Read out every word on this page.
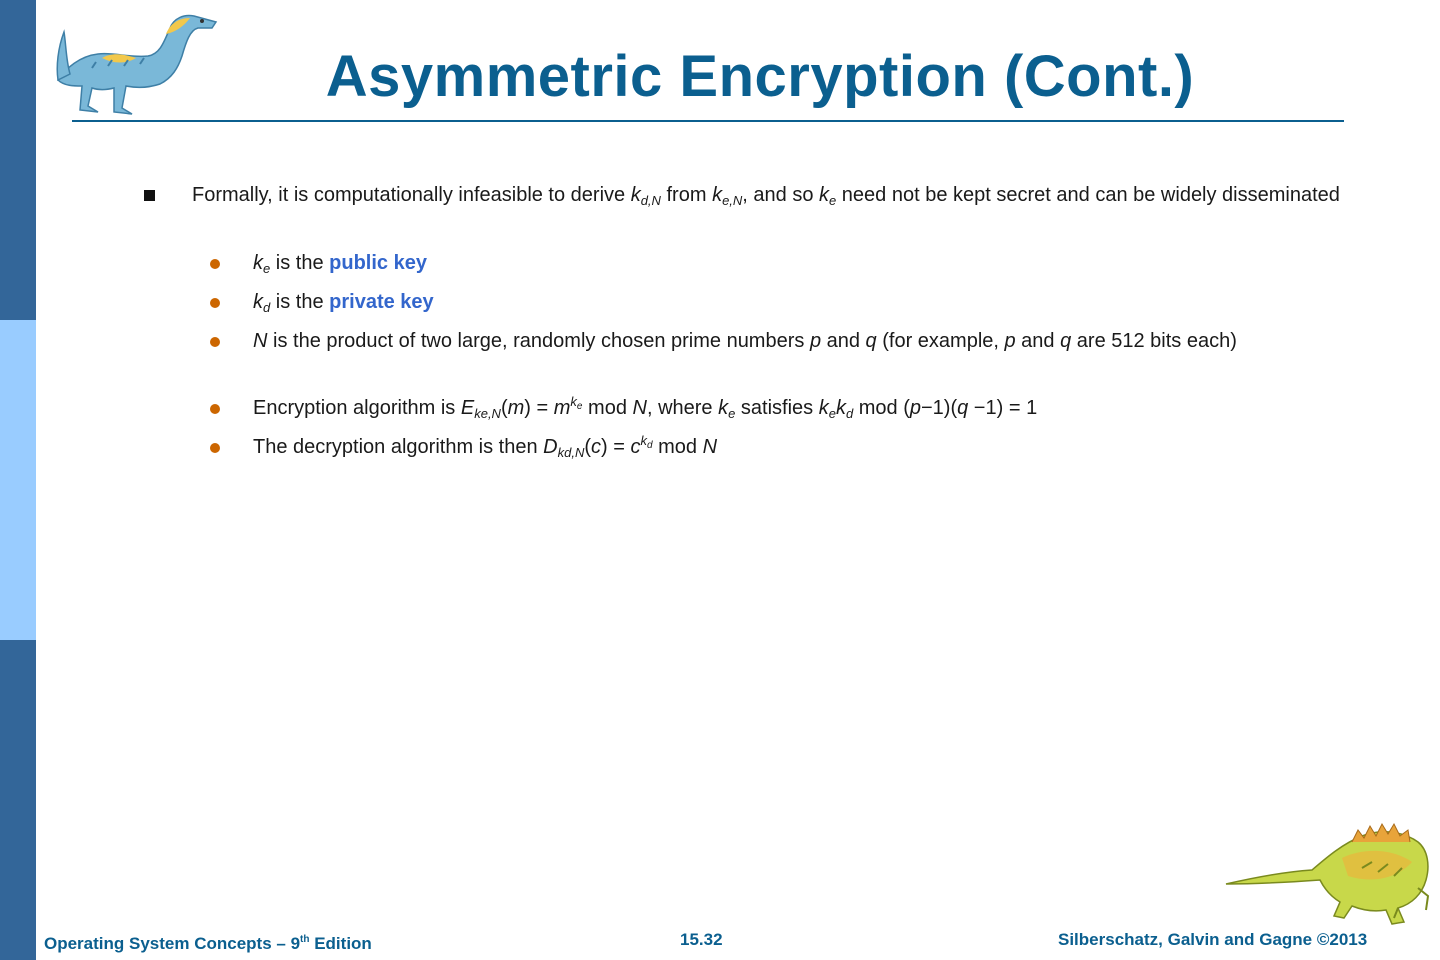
Asymmetric Encryption (Cont.)
Formally, it is computationally infeasible to derive $k_{d,N}$ from $k_{e,N}$, and so $k_e$ need not be kept secret and can be widely disseminated
$k_e$ is the public key
$k_d$ is the private key
N is the product of two large, randomly chosen prime numbers p and q (for example, p and q are 512 bits each)
Encryption algorithm is $E_{ke,N}(m) = m^{k_e}$ mod N, where $k_e$ satisfies $k_ek_d$ mod (p−1)(q −1) = 1
The decryption algorithm is then $D_{kd,N}(c) = c^{k_d}$ mod N
Operating System Concepts – 9th Edition	15.32	Silberschatz, Galvin and Gagne ©2013
